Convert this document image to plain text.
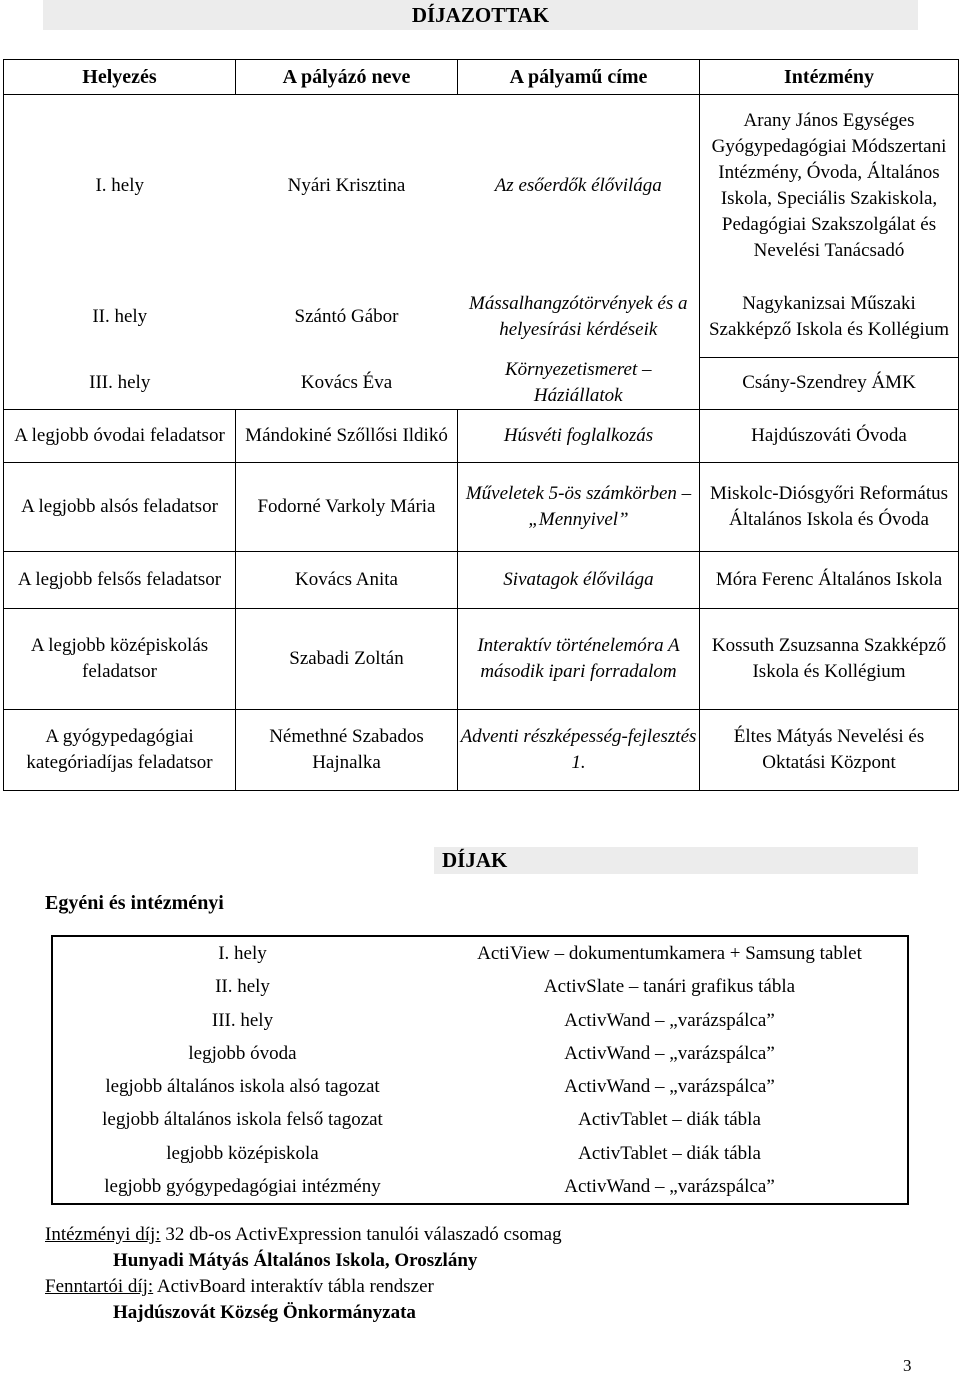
DÍJAZOTTAK
Helyezés	A pályázó neve	A pályamű címe	Intézmény
I. hely	Nyári Krisztina	Az esőerdők élővilága	Arany János Egységes Gyógypedagógiai Módszertani Intézmény, Óvoda, Általános Iskola, Speciális Szakiskola, Pedagógiai Szakszolgálat és Nevelési Tanácsadó
II. hely	Szántó Gábor	Mássalhangzótörvények és a helyesírási kérdéseik	Nagykanizsai Műszaki Szakképző Iskola és Kollégium
III. hely	Kovács Éva	Környezetismeret – Háziállatok	Csány-Szendrey ÁMK
A legjobb óvodai feladatsor	Mándokiné Szőllősi Ildikó	Húsvéti foglalkozás	Hajdúszováti Óvoda
A legjobb alsós feladatsor	Fodorné Varkoly Mária	Műveletek 5-ös számkörben – „Mennyivel”	Miskolc-Diósgyőri Református Általános Iskola és Óvoda
A legjobb felsős feladatsor	Kovács Anita	Sivatagok élővilága	Móra Ferenc Általános Iskola
A legjobb középiskolás feladatsor	Szabadi Zoltán	Interaktív történelemóra A második ipari forradalom	Kossuth Zsuzsanna Szakképző Iskola és Kollégium
A gyógypedagógiai kategóriadíjas feladatsor	Némethné Szabados Hajnalka	Adventi részképesség-fejlesztés 1.	Éltes Mátyás Nevelési és Oktatási Központ
DÍJAK
Egyéni és intézményi
I. hely	ActiView – dokumentumkamera + Samsung tablet
II. hely	ActivSlate – tanári grafikus tábla
III. hely	ActivWand – „varázspálca”
legjobb óvoda	ActivWand – „varázspálca”
legjobb általános iskola alsó tagozat	ActivWand – „varázspálca”
legjobb általános iskola felső tagozat	ActivTablet – diák tábla
legjobb középiskola	ActivTablet – diák tábla
legjobb gyógypedagógiai intézmény	ActivWand – „varázspálca”
Intézményi díj: 32 db-os ActivExpression tanulói válaszadó csomag
Hunyadi Mátyás Általános Iskola, Oroszlány
Fenntartói díj: ActivBoard interaktív tábla rendszer
Hajdúszovát Község Önkormányzata
3
